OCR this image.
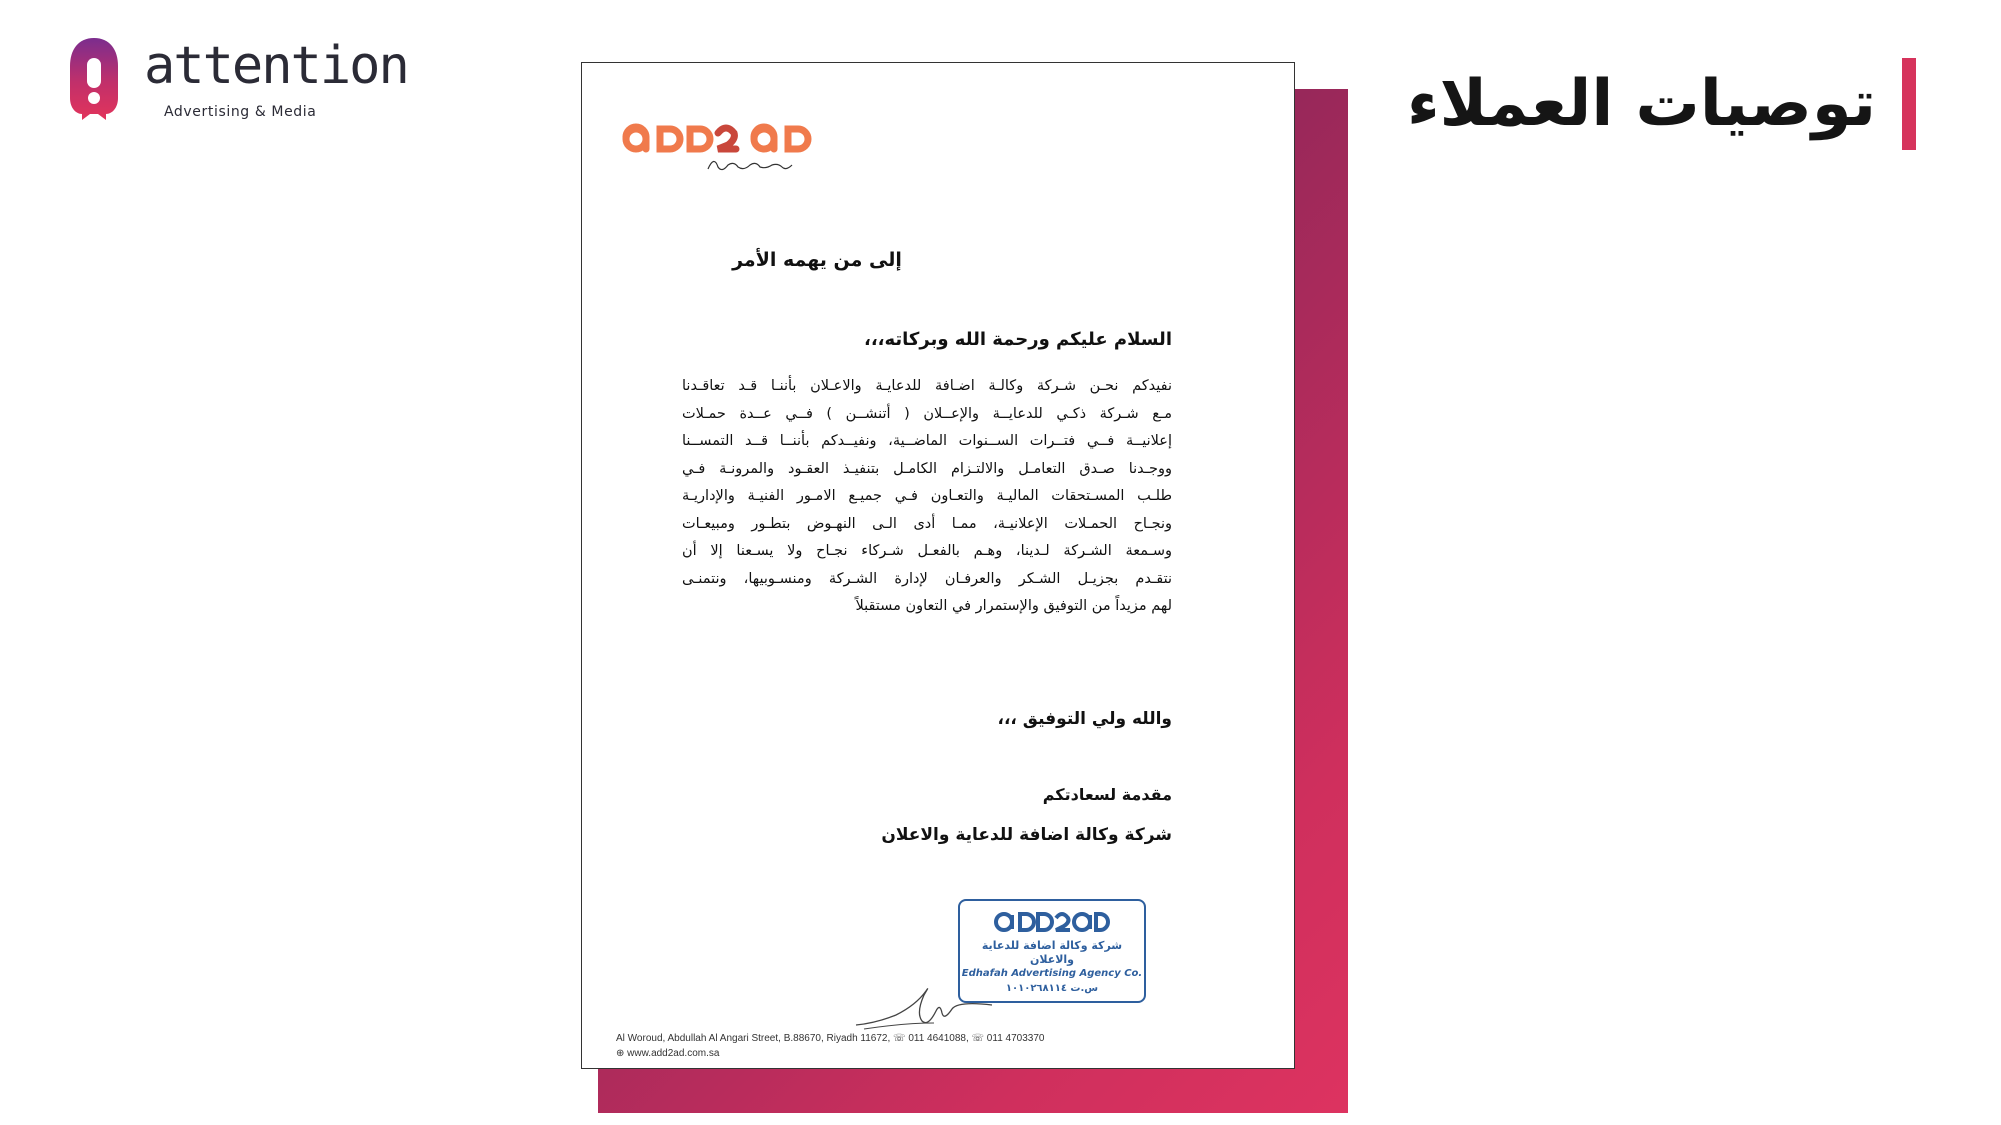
attention
Advertising & Media	توصيات العملاء
إلى من يهمه الأمر
السلام عليكم ورحمة الله وبركاته،،،
نفيدكم نحـن شـركة وكالـة اضـافة للدعايـة والاعـلان بأننـا قـد تعاقـدنا
مـع شـركة ذكـي للدعايــة والإعــلان ( أتنشــن ) فــي عــدة حمـلات
إعلانيــة فــي فتــرات الســنوات الماضــية، ونفيــدكم بأننــا قــد التمســنا
ووجـدنا صـدق التعامـل والالتـزام الكامـل بتنفيـذ العقـود والمرونـة فـي
طلـب المسـتحقات الماليـة والتعـاون فـي جميـع الامـور الفنيـة والإداريـة
ونجـاح الحمـلات الإعلانيـة، ممـا أدى الـى النهـوض بتطـور ومبيعـات
وسـمعة الشـركة لـدينا، وهـم بالفعـل شـركاء نجـاح ولا يسـعنا إلا أن
نتقـدم بجزيـل الشـكر والعرفـان لإدارة الشـركة ومنسـوبيها، ونتمنـى
لهم مزيداً من التوفيق والإستمرار في التعاون مستقبلاً
والله ولي التوفيق ،،،
مقدمة لسعادتكم
شركة وكالة اضافة للدعاية والاعلان
شركة وكالة اضافة للدعاية والاعلان
Edhafah Advertising Agency Co.
س.ت ١٠١٠٢٦٨١١٤
Al Woroud, Abdullah Al Angari Street, B.88670, Riyadh 11672, ☏ 011 4641088, ☏ 011 4703370
⊕ www.add2ad.com.sa
